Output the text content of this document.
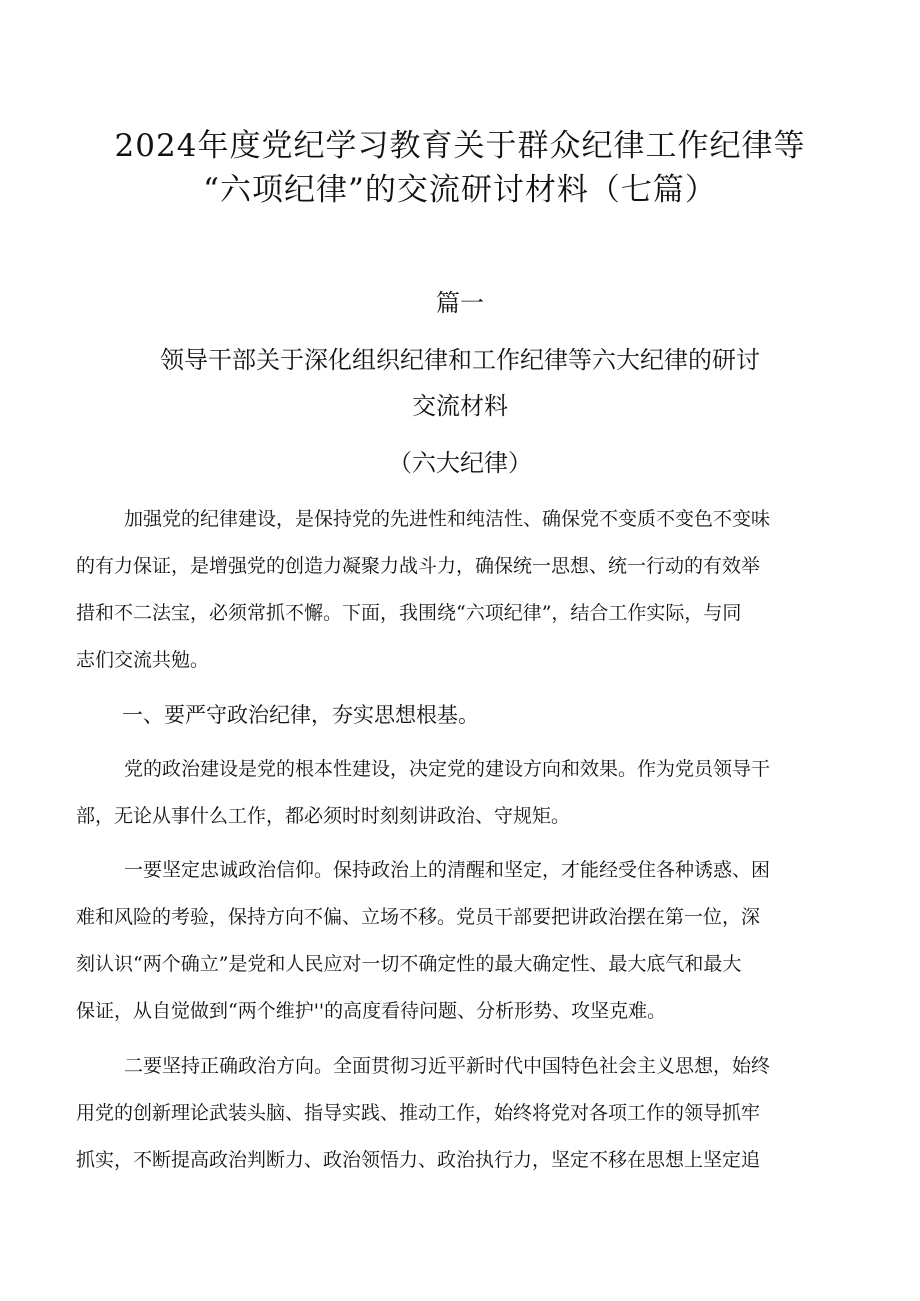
2024年度党纪学习教育关于群众纪律工作纪律等
“六项纪律”的交流研讨材料（七篇）
篇一
领导干部关于深化组织纪律和工作纪律等六大纪律的研讨
交流材料
（六大纪律）
加强党的纪律建设，是保持党的先进性和纯洁性、确保党不变质不变色不变味
的有力保证，是增强党的创造力凝聚力战斗力，确保统一思想、统一行动的有效举
措和不二法宝，必须常抓不懈。下面，我围绕“六项纪律”，结合工作实际，与同
志们交流共勉。
一、要严守政治纪律，夯实思想根基。
党的政治建设是党的根本性建设，决定党的建设方向和效果。作为党员领导干
部，无论从事什么工作，都必须时时刻刻讲政治、守规矩。
一要坚定忠诚政治信仰。保持政治上的清醒和坚定，才能经受住各种诱惑、困
难和风险的考验，保持方向不偏、立场不移。党员干部要把讲政治摆在第一位，深
刻认识“两个确立”是党和人民应对一切不确定性的最大确定性、最大底气和最大
保证，从自觉做到“两个维护''的高度看待问题、分析形势、攻坚克难。
二要坚持正确政治方向。全面贯彻习近平新时代中国特色社会主义思想，始终
用党的创新理论武装头脑、指导实践、推动工作，始终将党对各项工作的领导抓牢
抓实，不断提高政治判断力、政治领悟力、政治执行力，坚定不移在思想上坚定追
